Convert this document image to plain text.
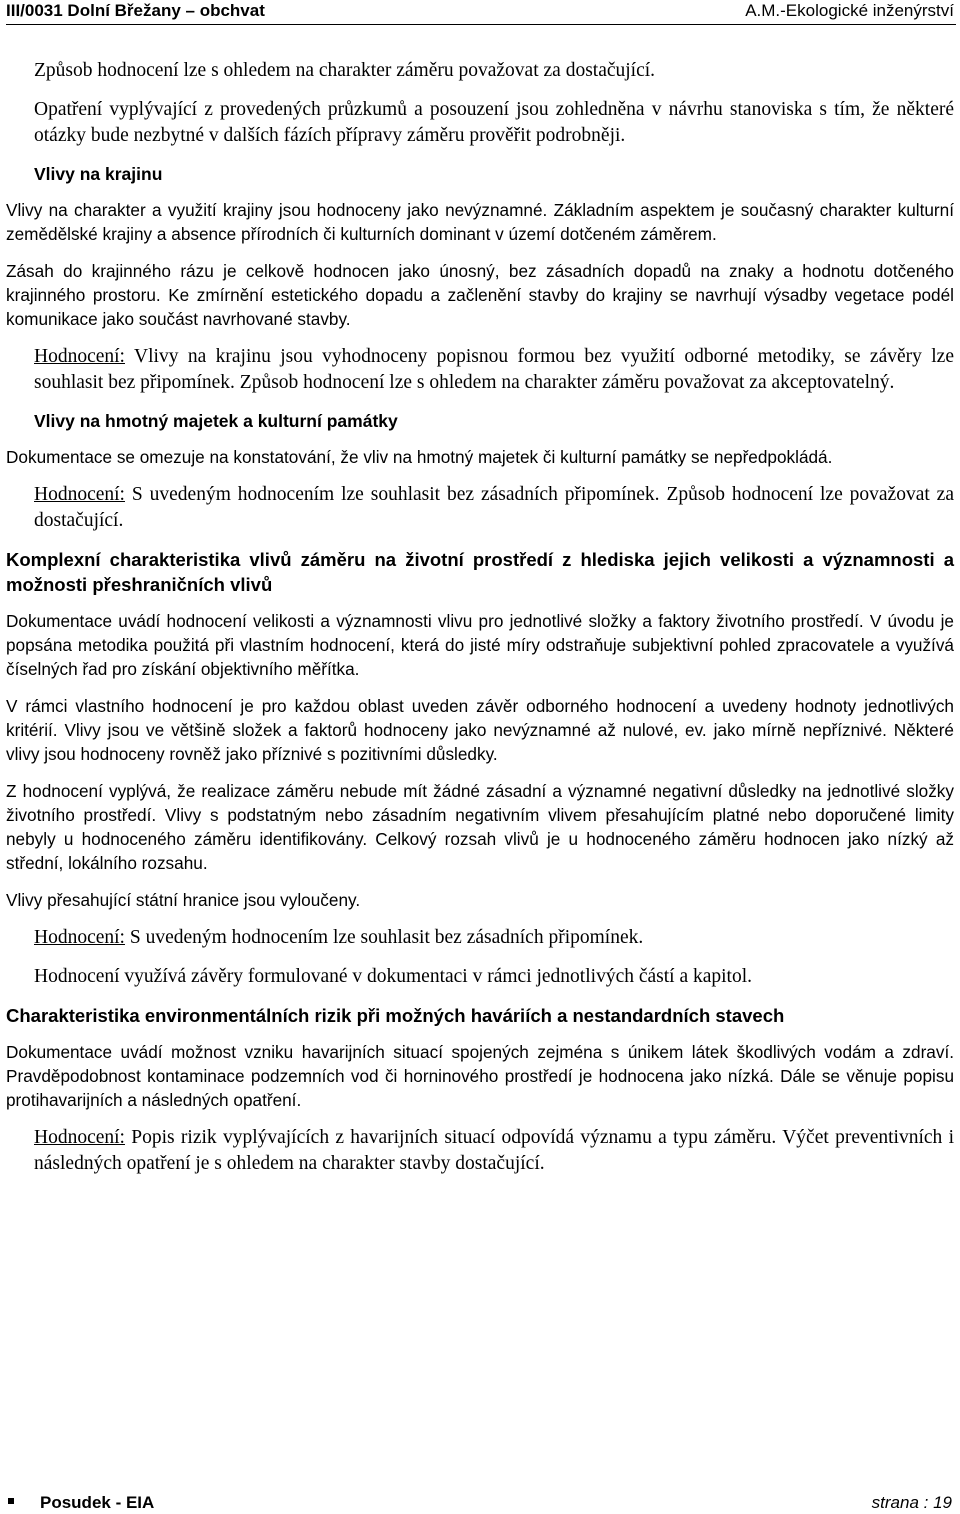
III/0031 Dolní Břežany – obchvat	A.M.-Ekologické inženýrství

Způsob hodnocení lze s ohledem na charakter záměru považovat za dostačující.

Opatření vyplývající z provedených průzkumů a posouzení jsou zohledněna v návrhu stanoviska s tím, že některé otázky bude nezbytné v dalších fázích přípravy záměru prověřit podrobněji.

Vlivy na krajinu

Vlivy na charakter a využití krajiny jsou hodnoceny jako nevýznamné. Základním aspektem je současný charakter kulturní zemědělské krajiny a absence přírodních či kulturních dominant v území dotčeném záměrem.

Zásah do krajinného rázu je celkově hodnocen jako únosný, bez zásadních dopadů na znaky a hodnotu dotčeného krajinného prostoru. Ke zmírnění estetického dopadu a začlenění stavby do krajiny se navrhují výsadby vegetace podél komunikace jako součást navrhované stavby.

Hodnocení: Vlivy na krajinu jsou vyhodnoceny popisnou formou bez využití odborné metodiky, se závěry lze souhlasit bez připomínek. Způsob hodnocení lze s ohledem na charakter záměru považovat za akceptovatelný.

Vlivy na hmotný majetek a kulturní památky

Dokumentace se omezuje na konstatování, že vliv na hmotný majetek či kulturní památky se nepředpokládá.

Hodnocení: S uvedeným hodnocením lze souhlasit bez zásadních připomínek. Způsob hodnocení lze považovat za dostačující.

Komplexní charakteristika vlivů záměru na životní prostředí z hlediska jejich velikosti a významnosti a možnosti přeshraničních vlivů

Dokumentace uvádí hodnocení velikosti a významnosti vlivu pro jednotlivé složky a faktory životního prostředí. V úvodu je popsána metodika použitá při vlastním hodnocení, která do jisté míry odstraňuje subjektivní pohled zpracovatele a využívá číselných řad pro získání objektivního měřítka.

V rámci vlastního hodnocení je pro každou oblast uveden závěr odborného hodnocení a uvedeny hodnoty jednotlivých kritérií. Vlivy jsou ve většině složek a faktorů hodnoceny jako nevýznamné až nulové, ev. jako mírně nepříznivé. Některé vlivy jsou hodnoceny rovněž jako příznivé s pozitivními důsledky.

Z hodnocení vyplývá, že realizace záměru nebude mít žádné zásadní a významné negativní důsledky na jednotlivé složky životního prostředí. Vlivy s podstatným nebo zásadním negativním vlivem přesahujícím platné nebo doporučené limity nebyly u hodnoceného záměru identifikovány. Celkový rozsah vlivů je u hodnoceného záměru hodnocen jako nízký až střední, lokálního rozsahu.

Vlivy přesahující státní hranice jsou vyloučeny.

Hodnocení: S uvedeným hodnocením lze souhlasit bez zásadních připomínek.

Hodnocení využívá závěry formulované v dokumentaci v rámci jednotlivých částí a kapitol.

Charakteristika environmentálních rizik při možných haváriích a nestandardních stavech

Dokumentace uvádí možnost vzniku havarijních situací spojených zejména s únikem látek škodlivých vodám a zdraví. Pravděpodobnost kontaminace podzemních vod či horninového prostředí je hodnocena jako nízká. Dále se věnuje popisu protihavarijních a následných opatření.

Hodnocení: Popis rizik vyplývajících z havarijních situací odpovídá významu a typu záměru. Výčet preventivních i následných opatření je s ohledem na charakter stavby dostačující.

Posudek - EIA	strana : 19
